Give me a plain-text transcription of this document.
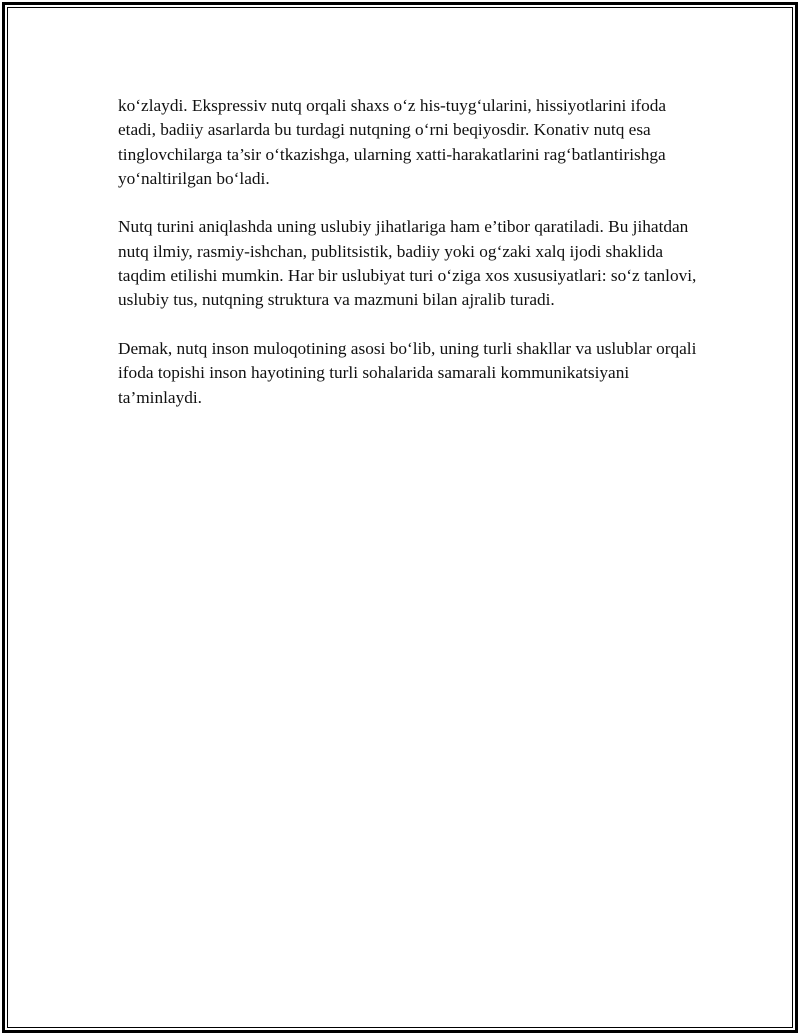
ko‘zlaydi. Ekspressiv nutq orqali shaxs o‘z his-tuyg‘ularini, hissiyotlarini ifoda etadi, badiiy asarlarda bu turdagi nutqning o‘rni beqiyosdir. Konativ nutq esa tinglovchilarga ta’sir o‘tkazishga, ularning xatti-harakatlarini rag‘batlantirishga yo‘naltirilgan bo‘ladi.

Nutq turini aniqlashda uning uslubiy jihatlariga ham e’tibor qaratiladi. Bu jihatdan nutq ilmiy, rasmiy-ishchan, publitsistik, badiiy yoki og‘zaki xalq ijodi shaklida taqdim etilishi mumkin. Har bir uslubiyat turi o‘ziga xos xususiyatlari: so‘z tanlovi, uslubiy tus, nutqning struktura va mazmuni bilan ajralib turadi.

Demak, nutq inson muloqotining asosi bo‘lib, uning turli shakllar va uslublar orqali ifoda topishi inson hayotining turli sohalarida samarali kommunikatsiyani ta’minlaydi.
